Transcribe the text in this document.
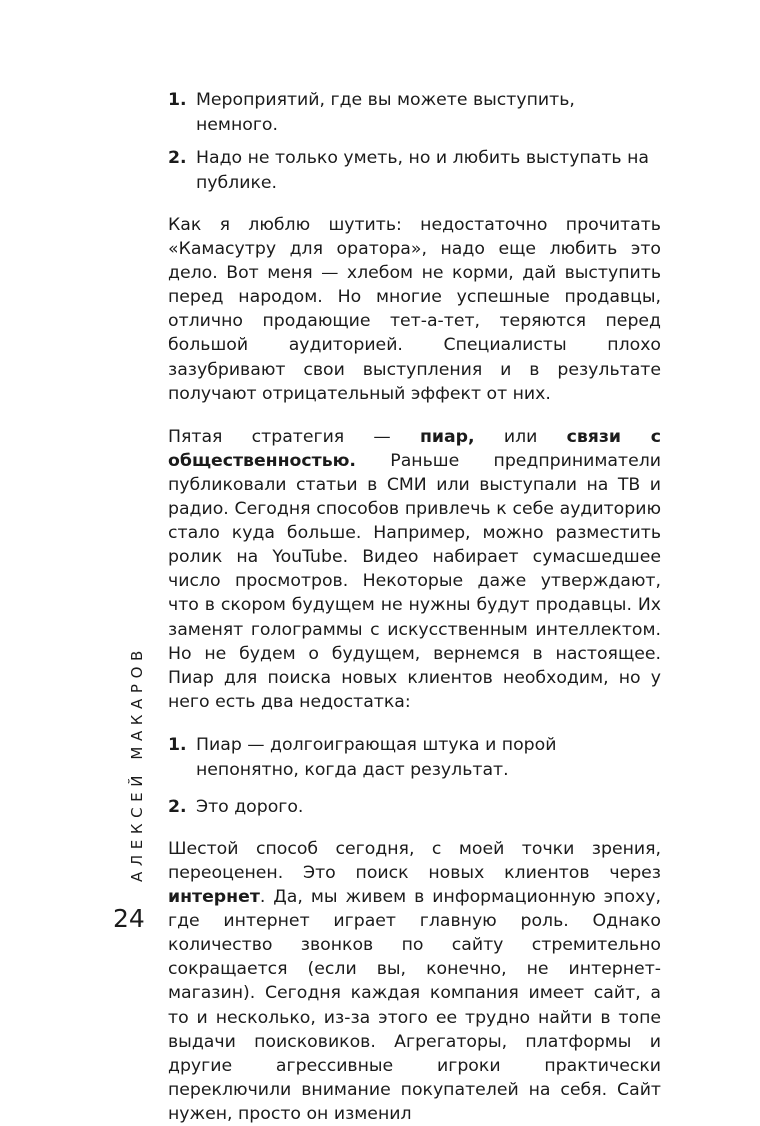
1. Мероприятий, где вы можете выступить, немного.
2. Надо не только уметь, но и любить выступать на публике.

Как я люблю шутить: недостаточно прочитать «Камасутру для оратора», надо еще любить это дело. Вот меня — хлебом не корми, дай выступить перед народом. Но многие успешные продавцы, отлично продающие тет-а-тет, теряются перед большой аудиторией. Специалисты плохо зазубривают свои выступления и в результате получают отрицательный эффект от них.

Пятая стратегия — пиар, или связи с общественностью. Раньше предприниматели публиковали статьи в СМИ или выступали на ТВ и радио. Сегодня способов привлечь к себе аудиторию стало куда больше. Например, можно разместить ролик на YouTube. Видео набирает сумасшедшее число просмотров. Некоторые даже утверждают, что в скором будущем не нужны будут продавцы. Их заменят голограммы с искусственным интеллектом. Но не будем о будущем, вернемся в настоящее. Пиар для поиска новых клиентов необходим, но у него есть два недостатка:

1. Пиар — долгоиграющая штука и порой непонятно, когда даст результат.
2. Это дорого.

Шестой способ сегодня, с моей точки зрения, переоценен. Это поиск новых клиентов через интернет. Да, мы живем в информационную эпоху, где интернет играет главную роль. Однако количество звонков по сайту стремительно сокращается (если вы, конечно, не интернет-магазин). Сегодня каждая компания имеет сайт, а то и несколько, из-за этого ее трудно найти в топе выдачи поисковиков. Агрегаторы, платформы и другие агрессивные игроки практически переключили внимание покупателей на себя. Сайт нужен, просто он изменил

АЛЕКСЕЙ МАКАРОВ
24
